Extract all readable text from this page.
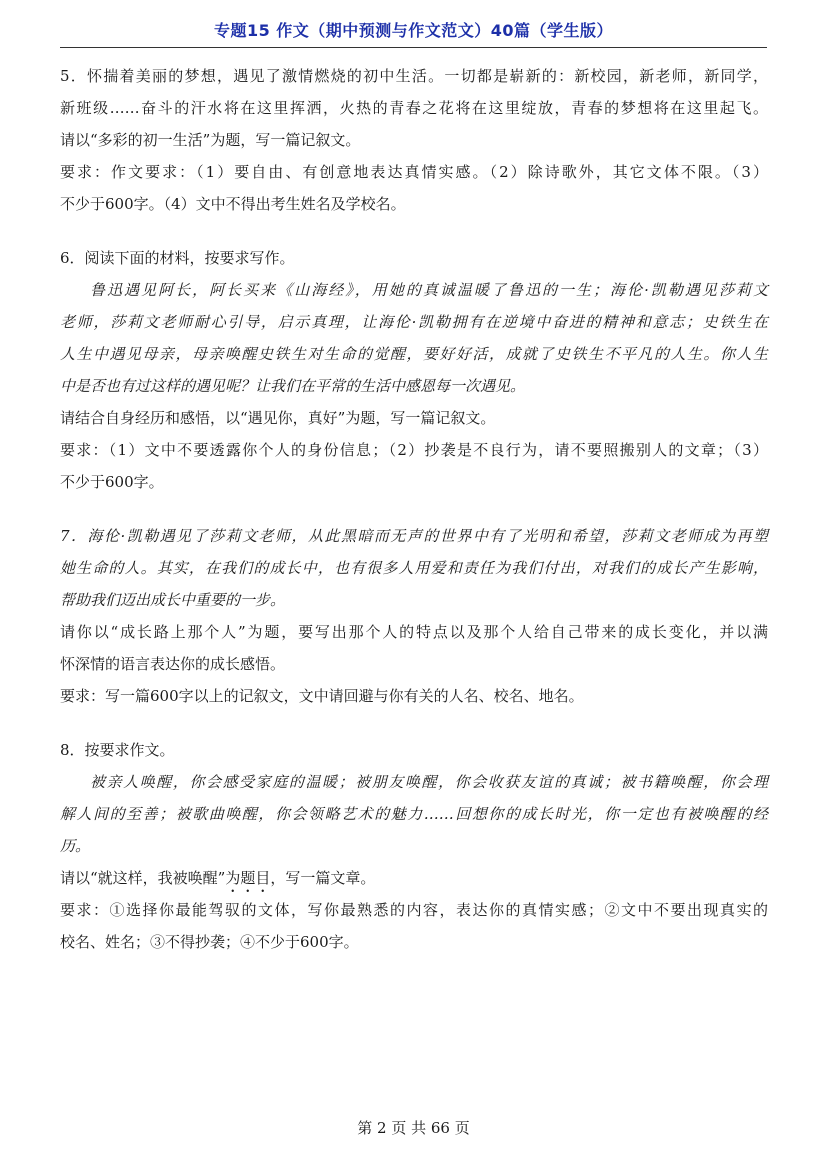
专题15 作文（期中预测与作文范文）40篇（学生版）
5．怀揣着美丽的梦想，遇见了激情燃烧的初中生活。一切都是崭新的：新校园，新老师，新同学，
新班级……奋斗的汗水将在这里挥洒，火热的青春之花将在这里绽放，青春的梦想将在这里起飞。
请以“多彩的初一生活”为题，写一篇记叙文。
要求：作文要求：（1）要自由、有创意地表达真情实感。（2）除诗歌外，其它文体不限。（3）
不少于600字。（4）文中不得出考生姓名及学校名。
6．阅读下面的材料，按要求写作。
鲁迅遇见阿长，阿长买来《山海经》，用她的真诚温暖了鲁迅的一生；海伦·凯勒遇见莎莉文
老师，莎莉文老师耐心引导，启示真理，让海伦·凯勒拥有在逆境中奋进的精神和意志；史铁生在
人生中遇见母亲，母亲唤醒史铁生对生命的觉醒，要好好活，成就了史铁生不平凡的人生。你人生
中是否也有过这样的遇见呢？让我们在平常的生活中感恩每一次遇见。
请结合自身经历和感悟，以“遇见你，真好”为题，写一篇记叙文。
要求：（1）文中不要透露你个人的身份信息；（2）抄袭是不良行为，请不要照搬别人的文章；（3）
不少于600字。
7．海伦·凯勒遇见了莎莉文老师，从此黑暗而无声的世界中有了光明和希望，莎莉文老师成为再塑
她生命的人。其实，在我们的成长中，也有很多人用爱和责任为我们付出，对我们的成长产生影响，
帮助我们迈出成长中重要的一步。
请你以“成长路上那个人”为题，要写出那个人的特点以及那个人给自己带来的成长变化，并以满
怀深情的语言表达你的成长感悟。
要求：写一篇600字以上的记叙文，文中请回避与你有关的人名、校名、地名。
8．按要求作文。
被亲人唤醒，你会感受家庭的温暖；被朋友唤醒，你会收获友谊的真诚；被书籍唤醒，你会理
解人间的至善；被歌曲唤醒，你会领略艺术的魅力……回想你的成长时光，你一定也有被唤醒的经
历。
请以“就这样，我被唤醒”为题目，写一篇文章。
要求：①选择你最能驾驭的文体，写你最熟悉的内容，表达你的真情实感；②文中不要出现真实的
校名、姓名；③不得抄袭；④不少于600字。
第 2 页 共 66 页
